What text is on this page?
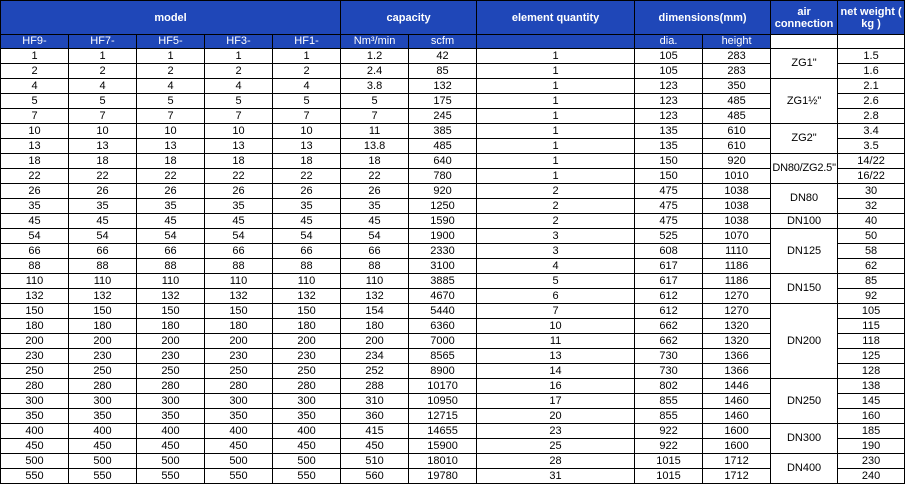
model					capacity		element quantity	dimensions(mm)		air connection	net weight ( kg )
HF9-	HF7-	HF5-	HF3-	HF1-	Nm³/min	scfm		dia.	height		
1	1	1	1	1	1.2	42	1	105	283	ZG1"	1.5
2	2	2	2	2	2.4	85	1	105	283		1.6
4	4	4	4	4	3.8	132	1	123	350	ZG1½"	2.1
5	5	5	5	5	5	175	1	123	485		2.6
7	7	7	7	7	7	245	1	123	485		2.8
10	10	10	10	10	11	385	1	135	610	ZG2"	3.4
13	13	13	13	13	13.8	485	1	135	610		3.5
18	18	18	18	18	18	640	1	150	920	DN80/ZG2.5"	14/22
22	22	22	22	22	22	780	1	150	1010		16/22
26	26	26	26	26	26	920	2	475	1038	DN80	30
35	35	35	35	35	35	1250	2	475	1038		32
45	45	45	45	45	45	1590	2	475	1038	DN100	40
54	54	54	54	54	54	1900	3	525	1070	DN125	50
66	66	66	66	66	66	2330	3	608	1110		58
88	88	88	88	88	88	3100	4	617	1186		62
110	110	110	110	110	110	3885	5	617	1186	DN150	85
132	132	132	132	132	132	4670	6	612	1270		92
150	150	150	150	150	154	5440	7	612	1270	DN200	105
180	180	180	180	180	180	6360	10	662	1320		115
200	200	200	200	200	200	7000	11	662	1320		118
230	230	230	230	230	234	8565	13	730	1366		125
250	250	250	250	250	252	8900	14	730	1366		128
280	280	280	280	280	288	10170	16	802	1446	DN250	138
300	300	300	300	300	310	10950	17	855	1460		145
350	350	350	350	350	360	12715	20	855	1460		160
400	400	400	400	400	415	14655	23	922	1600	DN300	185
450	450	450	450	450	450	15900	25	922	1600		190
500	500	500	500	500	510	18010	28	1015	1712	DN400	230
550	550	550	550	550	560	19780	31	1015	1712		240
